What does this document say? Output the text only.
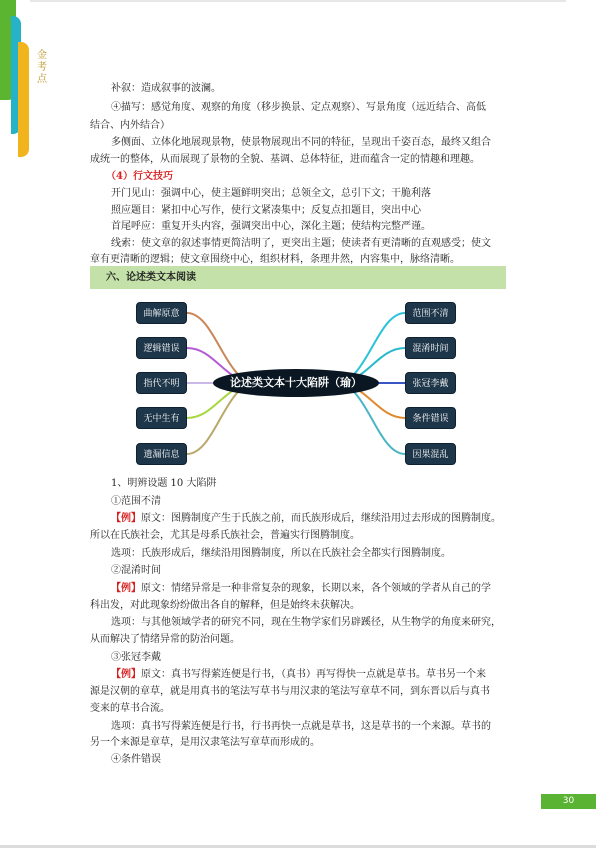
金考点
补叙：造成叙事的波澜。
④描写：感觉角度、观察的角度（移步换景、定点观察）、写景角度（远近结合、高低
结合、内外结合）
多侧面、立体化地展现景物，使景物展现出不同的特征，呈现出千姿百态，最终又组合
成统一的整体，从而展现了景物的全貌、基调、总体特征，进而蕴含一定的情趣和理趣。
（4）行文技巧
开门见山：强调中心，使主题鲜明突出；总领全文，总引下文；干脆利落
照应题目：紧扣中心写作，使行文紧凑集中；反复点扣题目，突出中心
首尾呼应：重复开头内容，强调突出中心，深化主题；使结构完整严谨。
线索：使文章的叙述事情更简洁明了，更突出主题；使读者有更清晰的直观感受；使文
章有更清晰的逻辑；使文章围绕中心，组织材料，条理井然，内容集中，脉络清晰。
六、论述类文本阅读
论述类文本十大陷阱（瑜）
曲解原意
逻辑错误
指代不明
无中生有
遗漏信息
范围不清
混淆时间
张冠李戴
条件错误
因果混乱
1、明辨设题 10 大陷阱
①范围不清
【例】原文：图腾制度产生于氏族之前，而氏族形成后，继续沿用过去形成的图腾制度。
所以在氏族社会，尤其是母系氏族社会，普遍实行图腾制度。
选项：氏族形成后，继续沿用图腾制度，所以在氏族社会全都实行图腾制度。
②混淆时间
【例】原文：情绪异常是一种非常复杂的现象，长期以来，各个领域的学者从自己的学
科出发，对此现象纷纷做出各自的解释，但是始终未获解决。
选项：与其他领域学者的研究不同，现在生物学家们另辟蹊径，从生物学的角度来研究，
从而解决了情绪异常的防治问题。
③张冠李戴
【例】原文：真书写得萦连便是行书，（真书）再写得快一点就是草书。草书另一个来
源是汉朝的章草，就是用真书的笔法写草书与用汉隶的笔法写章草不同，到东晋以后与真书
变来的草书合流。
选项：真书写得萦连便是行书，行书再快一点就是草书，这是草书的一个来源。草书的
另一个来源是章草，是用汉隶笔法写章草而形成的。
④条件错误
30
